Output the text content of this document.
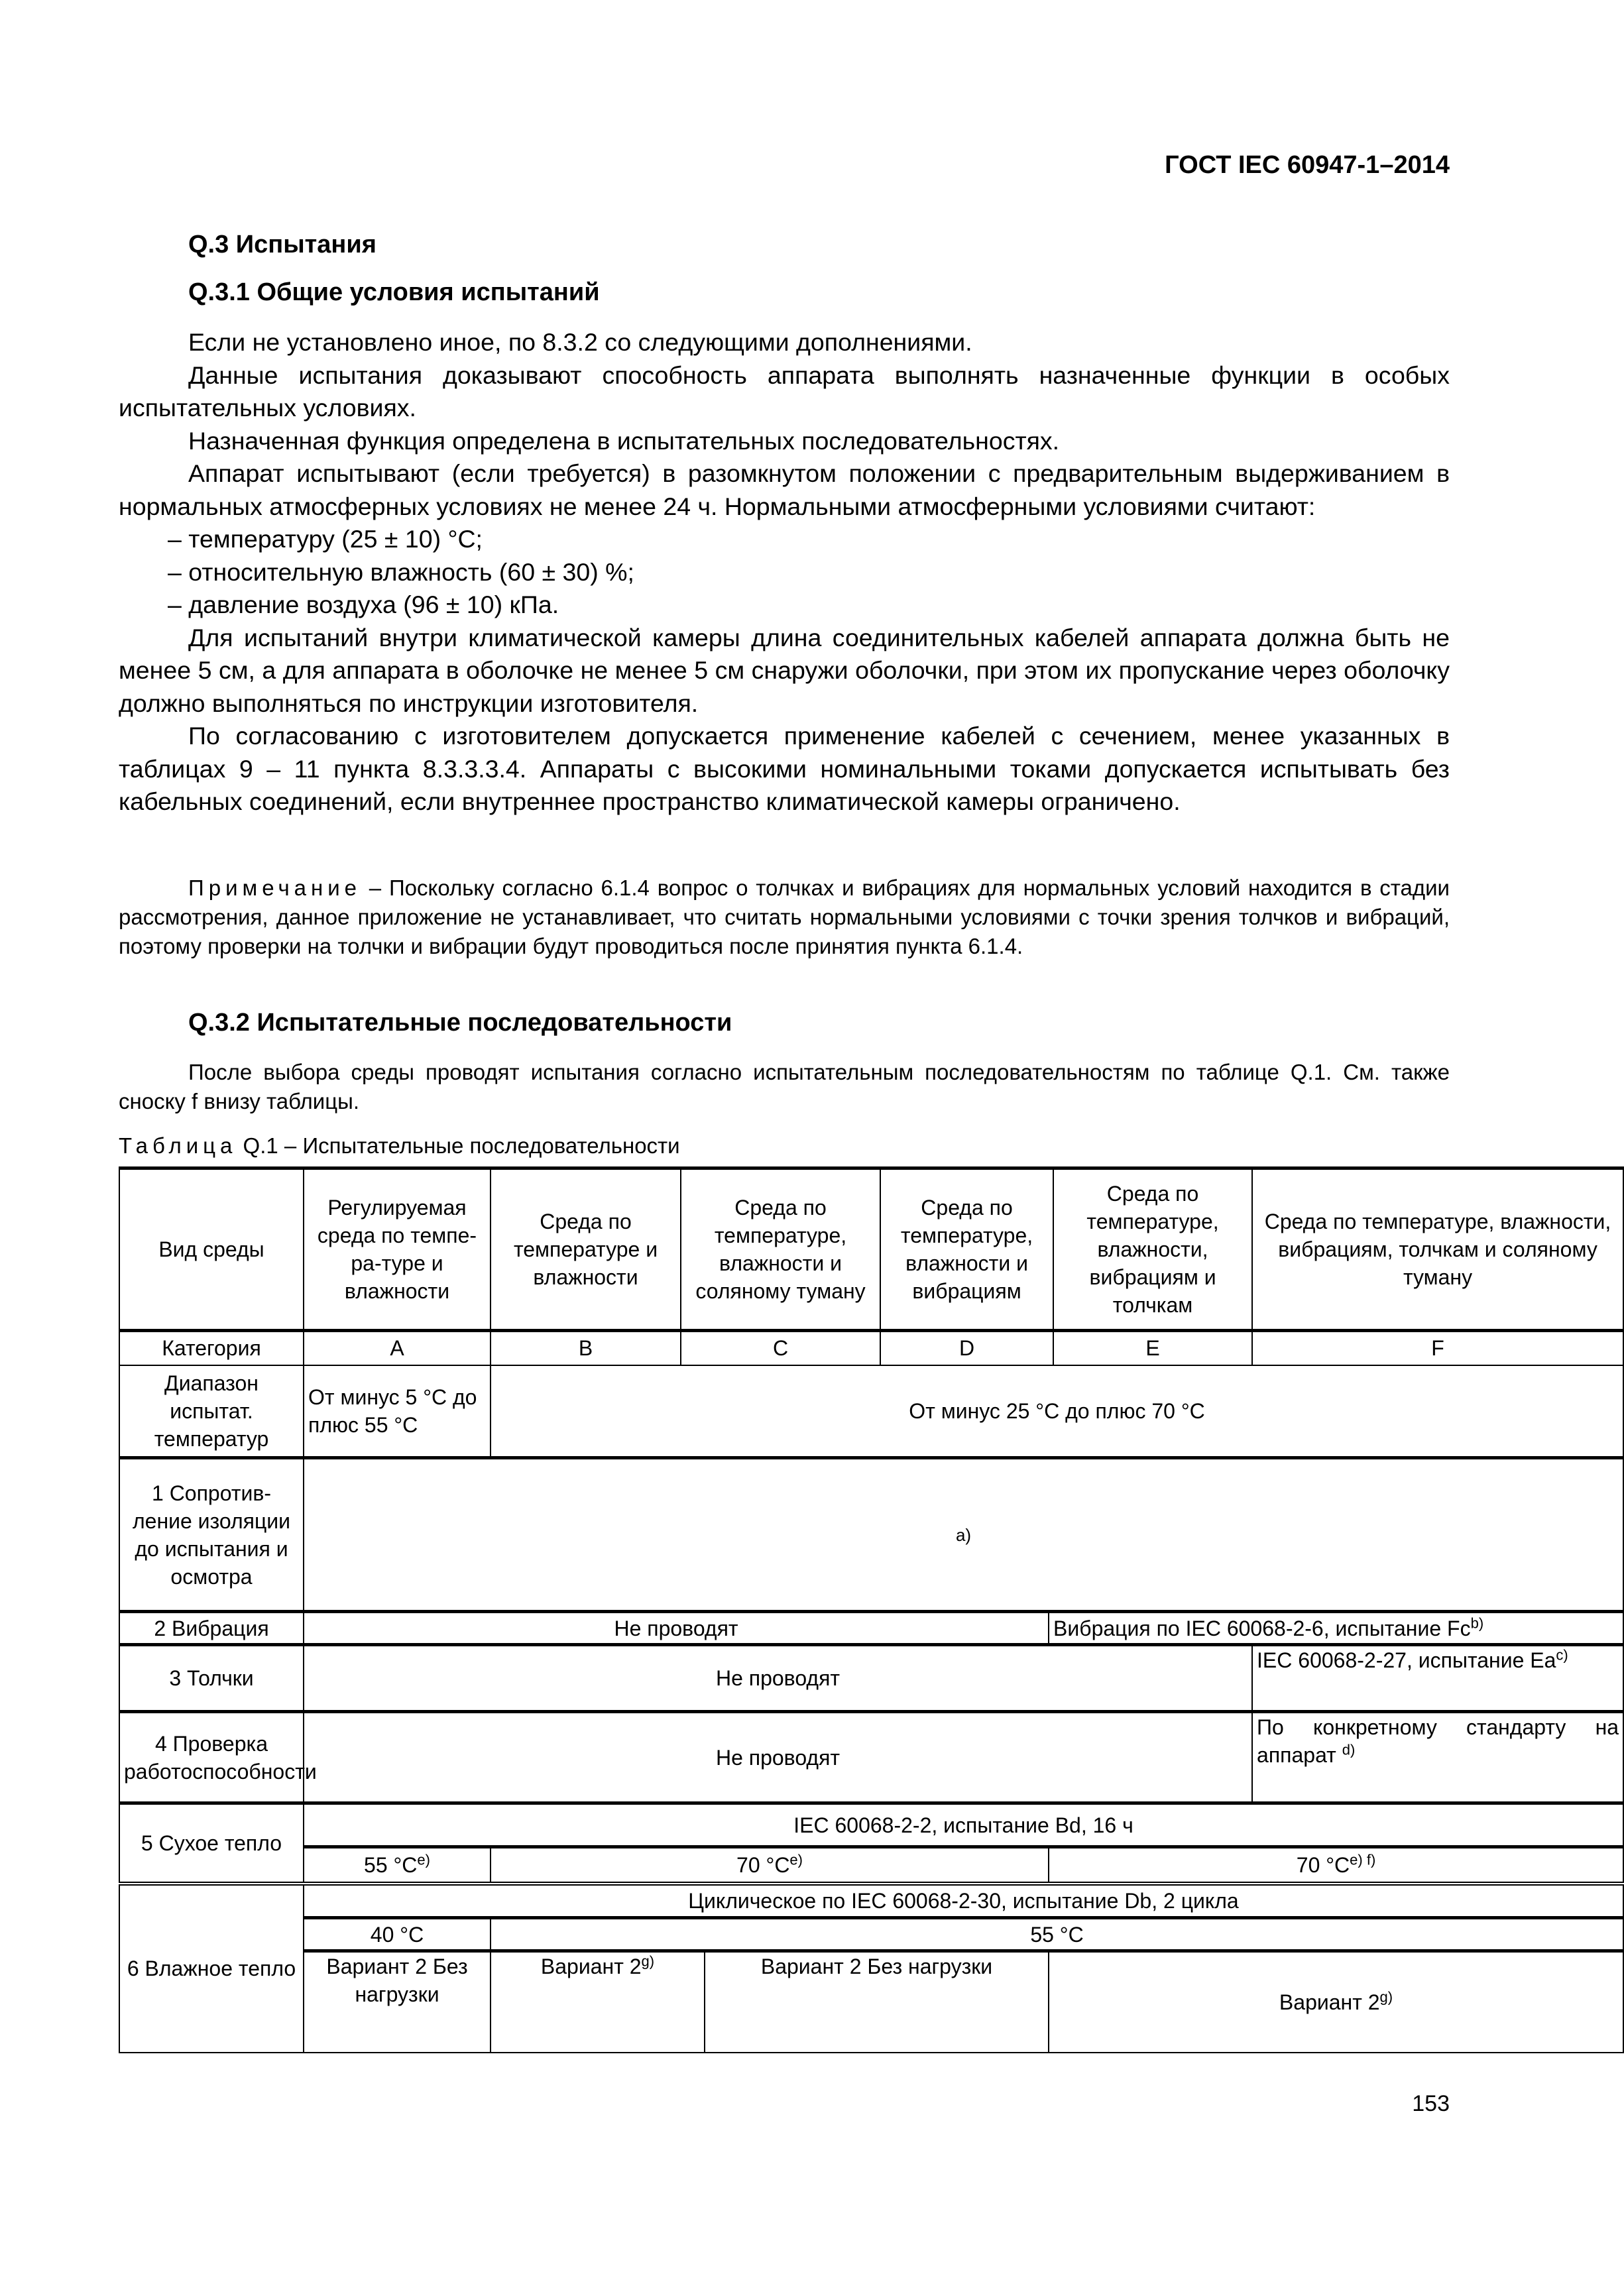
ГОСТ IEC 60947-1–2014
Q.3 Испытания
Q.3.1 Общие условия испытаний

Если не установлено иное, по 8.3.2 со следующими дополнениями.

Данные испытания доказывают способность аппарата выполнять назначенные функции в особых испытательных условиях.

Назначенная функция определена в испытательных последовательностях.

Аппарат испытывают (если требуется) в разомкнутом положении с предварительным выдерживанием в нормальных атмосферных условиях не менее 24 ч. Нормальными атмосферными условиями считают:

– температуру (25 ± 10) °С;

– относительную влажность (60 ± 30) %;

– давление воздуха (96 ± 10) кПа.

Для испытаний внутри климатической камеры длина соединительных кабелей аппарата должна быть не менее 5 см, а для аппарата в оболочке не менее 5 см снаружи оболочки, при этом их пропускание через оболочку должно выполняться по инструкции изготовителя.

По согласованию с изготовителем допускается применение кабелей с сечением, менее указанных в таблицах 9 – 11 пункта 8.3.3.3.4. Аппараты с высокими номинальными токами допускается испытывать без кабельных соединений, если внутреннее пространство климатической камеры ограничено.

Примечание – Поскольку согласно 6.1.4 вопрос о толчках и вибрациях для нормальных условий находится в стадии рассмотрения, данное приложение не устанавливает, что считать нормальными условиями с точки зрения толчков и вибраций, поэтому проверки на толчки и вибрации будут проводиться после принятия пункта 6.1.4.

Q.3.2 Испытательные последовательности

После выбора среды проводят испытания согласно испытательным последовательностям по таблице Q.1. См. также сноску f внизу таблицы.

Таблица Q.1 – Испытательные последовательности
Вид среды	Регулируемая среда по темпе-ра-туре и влажности	Среда по температуре и влажности	Среда по температуре, влажности и соляному туману		Среда по температуре, влажности и вибрациям		Среда по температуре, влажности, вибрациям и толчкам	Среда по температуре, влажности, вибрациям, толчкам и соляному туману
Категория	A	B	C		D		E	F
Диапазон испытат. температур	От минус 5 °С до плюс 55 °С	От минус 25 °С до плюс 70 °С						
1 Сопротив-ление изоляции до испытания и осмотра	a)							
2 Вибрация	Не проводят					Вибрация по IEC 60068-2-6, испытание Fc$^{b)}$
3 Толчки	Не проводят							IEC 60068-2-27, испытание Ea$^{c)}$
4 Проверка работоспособности	Не проводят							По конкретному стандарту на аппарат $^{d)}$
5 Сухое тепло	IEC 60068-2-2, испытание Bd, 16 ч							
	55 $^\circ С^{e)}$	70 $^\circ С^{e)}$				70 $^\circ С^{e) f)}$
6 Влажное тепло	Циклическое по IEC 60068-2-30, испытание Db, 2 цикла							
	40 °С	55 °С						
	Вариант 2 Без нагрузки	Вариант 2$^{g)}$		Вариант 2 Без нагрузки		Вариант 2$^{g)}$
153
